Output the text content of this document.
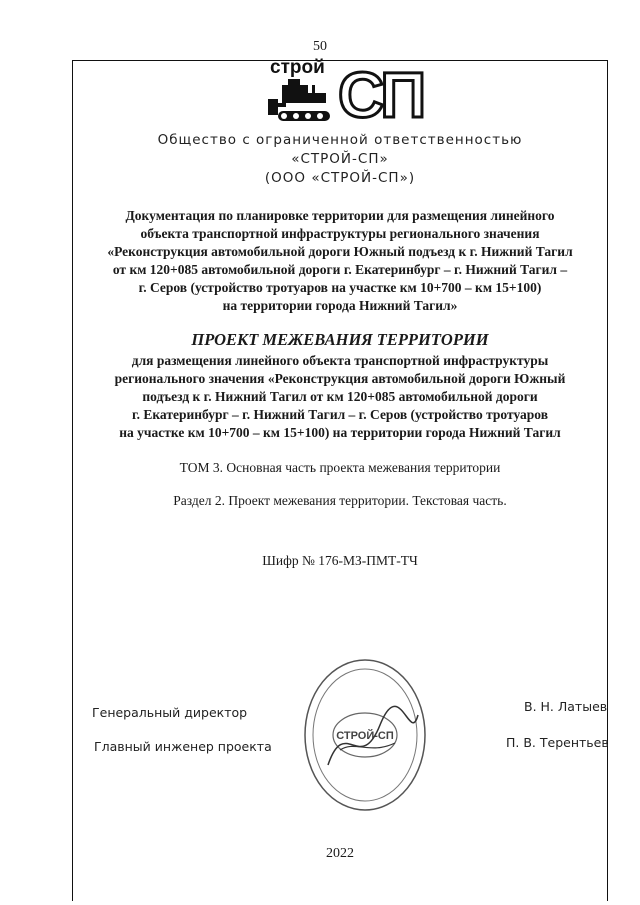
50
строй СП
Общество с ограниченной ответственностью
«СТРОЙ-СП»
(ООО «СТРОЙ-СП»)
Документация по планировке территории для размещения линейного
объекта транспортной инфраструктуры регионального значения
«Реконструкция автомобильной дороги Южный подъезд к г. Нижний Тагил
от км 120+085 автомобильной дороги г. Екатеринбург – г. Нижний Тагил –
г. Серов (устройство тротуаров на участке км 10+700 – км 15+100)
на территории города Нижний Тагил»
ПРОЕКТ МЕЖЕВАНИЯ ТЕРРИТОРИИ
для размещения линейного объекта транспортной инфраструктуры
регионального значения «Реконструкция автомобильной дороги Южный
подъезд к г. Нижний Тагил от км 120+085 автомобильной дороги
г. Екатеринбург – г. Нижний Тагил – г. Серов (устройство тротуаров
на участке км 10+700 – км 15+100) на территории города Нижний Тагил
ТОМ 3. Основная часть проекта межевания территории
Раздел 2. Проект межевания территории. Текстовая часть.
Шифр № 176-МЗ-ПМТ-ТЧ
СТРОЙ-СП
Генеральный директор	В. Н. Латыев
Главный инженер проекта	П. В. Терентьев
2022
